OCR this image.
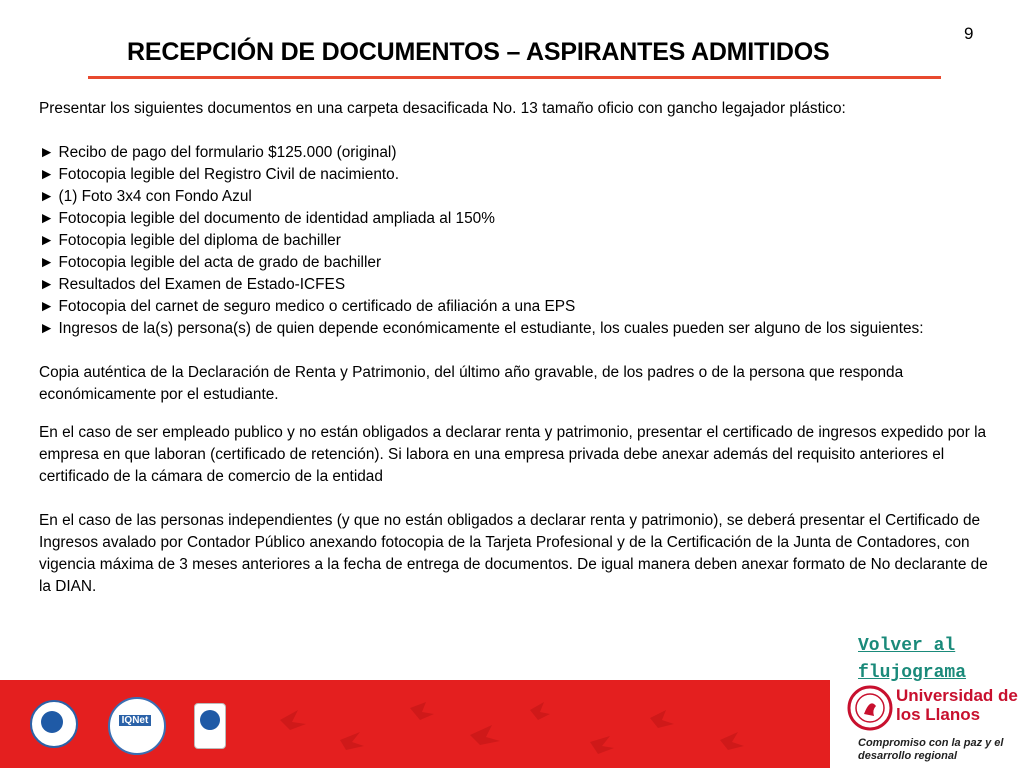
9
RECEPCIÓN DE DOCUMENTOS – ASPIRANTES ADMITIDOS

Presentar los siguientes documentos en una carpeta desacificada No. 13 tamaño oficio con gancho legajador plástico:

► Recibo de pago del formulario $125.000 (original)
► Fotocopia legible del Registro Civil de nacimiento.
► (1) Foto 3x4 con Fondo Azul
► Fotocopia legible del documento de identidad ampliada al 150%
► Fotocopia legible del diploma de bachiller
► Fotocopia legible del acta de grado de bachiller
► Resultados del Examen de Estado-ICFES
► Fotocopia del carnet de seguro medico o certificado de afiliación a una EPS
► Ingresos de la(s) persona(s) de quien depende económicamente el estudiante, los cuales pueden ser alguno de los siguientes:

Copia auténtica de la Declaración de Renta y Patrimonio, del último año gravable, de los padres o de la persona que responda económicamente por el estudiante.

En el caso de ser empleado publico y no están obligados a declarar renta y patrimonio, presentar el certificado de ingresos expedido por la empresa en que laboran (certificado de retención). Si labora en una empresa privada debe anexar además del requisito anteriores el certificado de la cámara de comercio de la entidad

En el caso de las personas independientes (y que no están obligados a declarar renta y patrimonio), se deberá presentar el Certificado de Ingresos avalado por Contador Público anexando fotocopia de la Tarjeta Profesional y de la Certificación de la Junta de Contadores, con vigencia máxima de 3 meses anteriores a la fecha de entrega de documentos. De igual manera deben anexar formato de No declarante de la DIAN.

Volver al flujograma
IQNet
Universidad de los Llanos
Compromiso con la paz y el desarrollo regional
